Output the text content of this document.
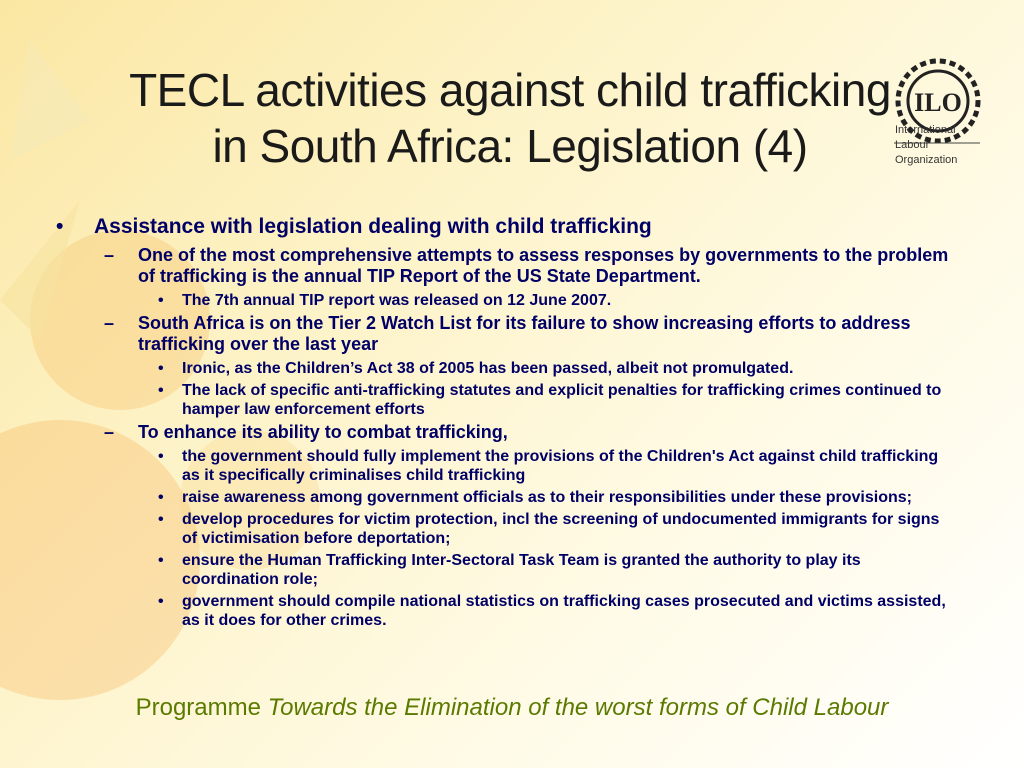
TECL activities against child trafficking
in South Africa: Legislation (4)
ILO
International
Labour
Organization
• Assistance with legislation dealing with child trafficking
– One of the most comprehensive attempts to assess responses by governments to the problem of trafficking is the annual TIP Report of the US State Department.
• The 7th annual TIP report was released on 12 June 2007.
– South Africa is on the Tier 2 Watch List for its failure to show increasing efforts to address trafficking over the last year
• Ironic, as the Children’s Act 38 of 2005 has been passed, albeit not promulgated.
• The lack of specific anti-trafficking statutes and explicit penalties for trafficking crimes continued to hamper law enforcement efforts
– To enhance its ability to combat trafficking,
• the government should fully implement the provisions of the Children's Act against child trafficking as it specifically criminalises child trafficking
• raise awareness among government officials as to their responsibilities under these provisions;
• develop procedures for victim protection, incl the screening of undocumented immigrants for signs of victimisation before deportation;
• ensure the Human Trafficking Inter-Sectoral Task Team is granted the authority to play its coordination role;
• government should compile national statistics on trafficking cases prosecuted and victims assisted, as it does for other crimes.
Programme Towards the Elimination of the worst forms of Child Labour
